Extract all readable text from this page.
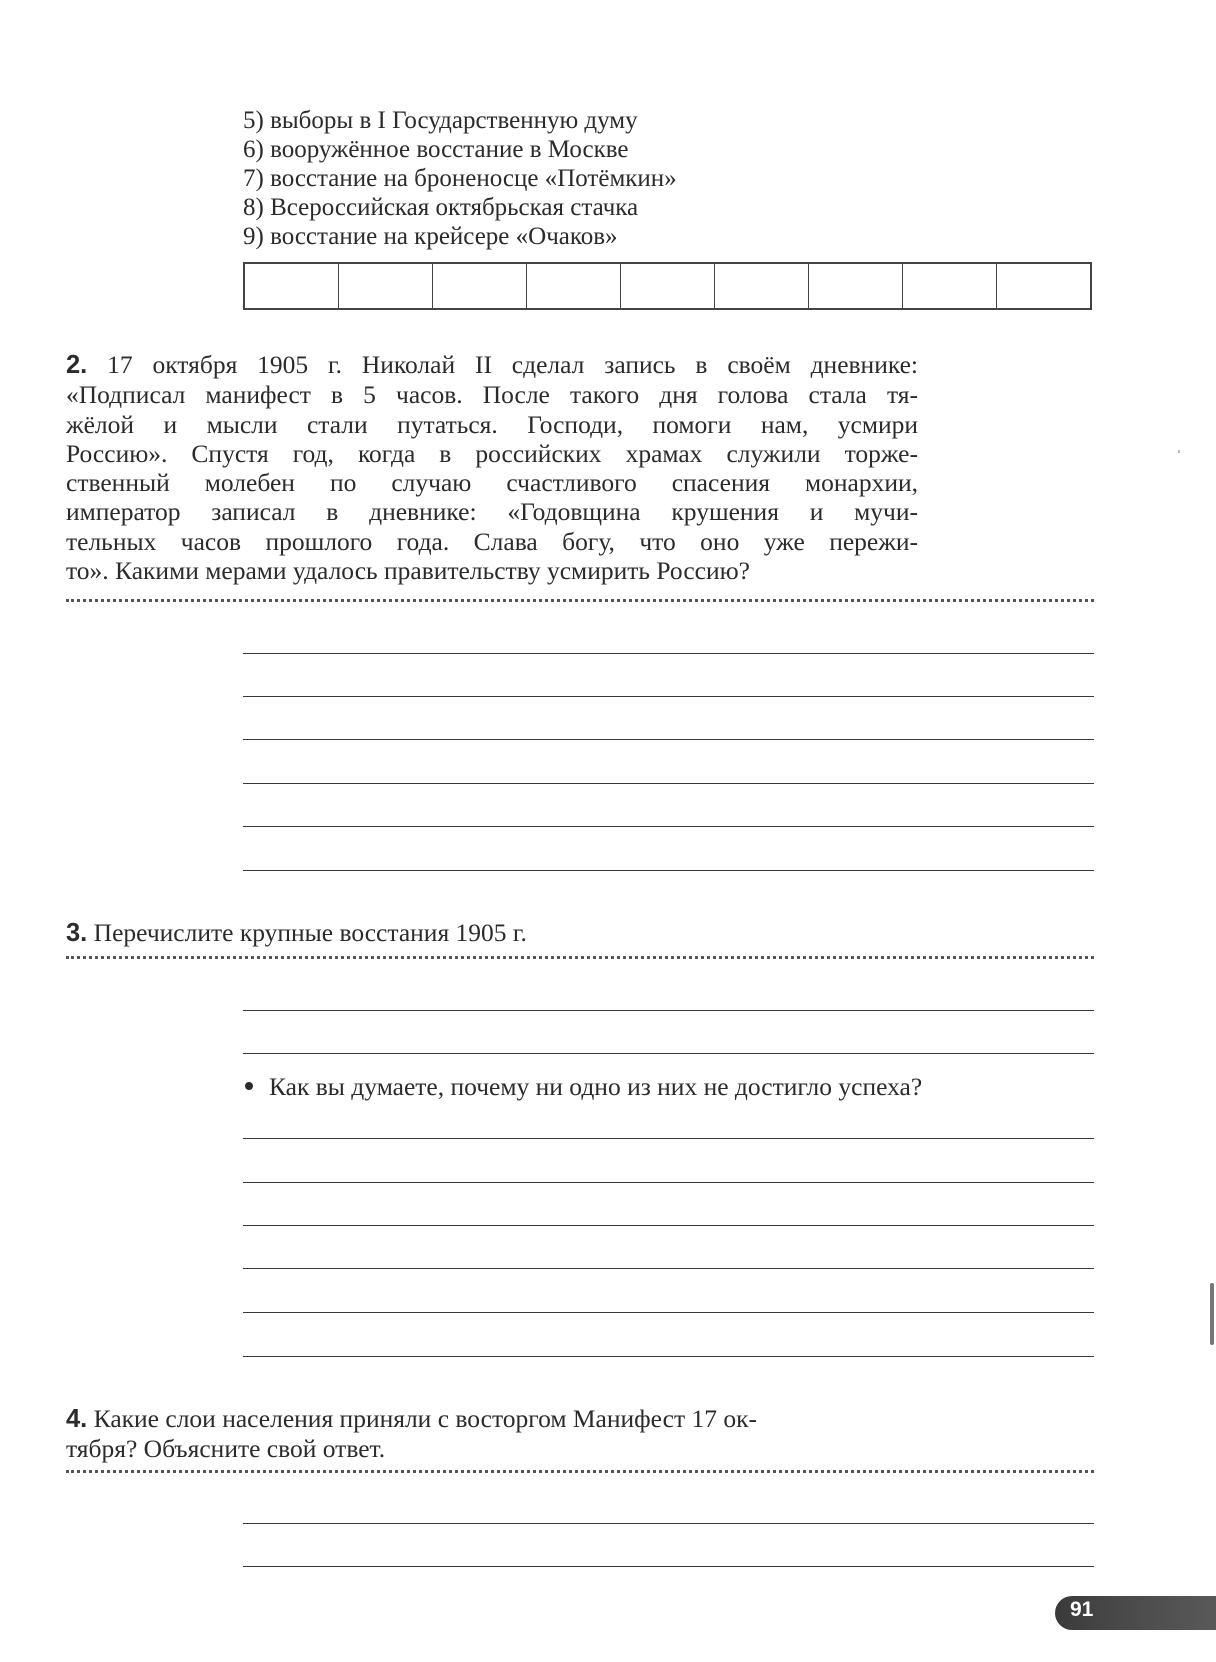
5) выборы в I Государственную думу
6) вооружённое восстание в Москве
7) восстание на броненосце «Потёмкин»
8) Всероссийская октябрьская стачка
9) восстание на крейсере «Очаков»
2. 17 октября 1905 г. Николай II сделал запись в своём дневнике:
«Подписал манифест в 5 часов. После такого дня голова стала тя-
жёлой и мысли стали путаться. Господи, помоги нам, усмири
Россию». Спустя год, когда в российских храмах служили торже-
ственный молебен по случаю счастливого спасения монархии,
император записал в дневнике: «Годовщина крушения и мучи-
тельных часов прошлого года. Слава богу, что оно уже пережи-
то». Какими мерами удалось правительству усмирить Россию?
3. Перечислите крупные восстания 1905 г.
Как вы думаете, почему ни одно из них не достигло успеха?
4. Какие слои населения приняли с восторгом Манифест 17 ок-
тября? Объясните свой ответ.
91
